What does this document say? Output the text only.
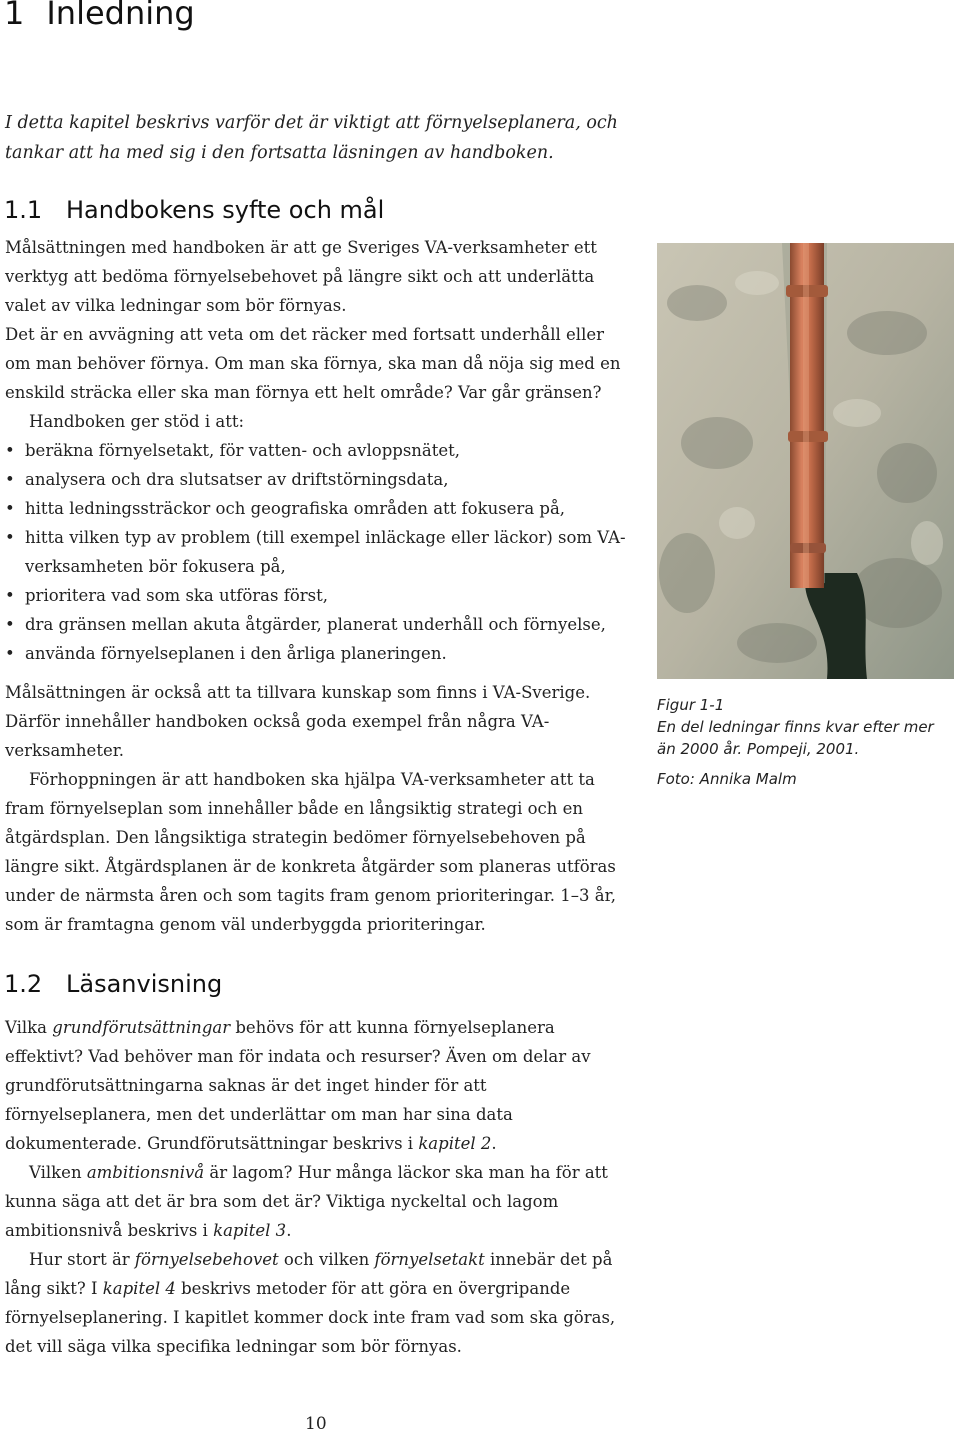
1 Inledning

I detta kapitel beskrivs varför det är viktigt att förnyelseplanera, och tankar att ha med sig i den fortsatta läsningen av handboken.

1.1 Handbokens syfte och mål

Målsättningen med handboken är att ge Sveriges VA-verksamheter ett verktyg att bedöma förnyelsebehovet på längre sikt och att underlätta valet av vilka ledningar som bör förnyas.

Det är en avvägning att veta om det räcker med fortsatt underhåll eller om man behöver förnya. Om man ska förnya, ska man då nöja sig med en enskild sträcka eller ska man förnya ett helt område? Var går gränsen?

Handboken ger stöd i att:

• beräkna förnyelsetakt, för vatten- och avloppsnätet,
• analysera och dra slutsatser av driftstörningsdata,
• hitta ledningssträckor och geografiska områden att fokusera på,
• hitta vilken typ av problem (till exempel inläckage eller läckor) som VA-verksamheten bör fokusera på,
• prioritera vad som ska utföras först,
• dra gränsen mellan akuta åtgärder, planerat underhåll och förnyelse,
• använda förnyelseplanen i den årliga planeringen.

Målsättningen är också att ta tillvara kunskap som finns i VA-Sverige. Därför innehåller handboken också goda exempel från några VA-verksamheter.

Förhoppningen är att handboken ska hjälpa VA-verksamheter att ta fram förnyelseplan som innehåller både en långsiktig strategi och en åtgärdsplan. Den långsiktiga strategin bedömer förnyelsebehoven på längre sikt. Åtgärdsplanen är de konkreta åtgärder som planeras utföras under de närmsta åren och som tagits fram genom prioriteringar. 1–3 år, som är framtagna genom väl underbyggda prioriteringar.

Figur 1-1

En del ledningar finns kvar efter mer än 2000 år. Pompeji, 2001.

Foto: Annika Malm

1.2 Läsanvisning

Vilka grundförutsättningar behövs för att kunna förnyelseplanera effektivt? Vad behöver man för indata och resurser? Även om delar av grundförutsättningarna saknas är det inget hinder för att förnyelseplanera, men det underlättar om man har sina data dokumenterade. Grundförutsättningar beskrivs i kapitel 2.

Vilken ambitionsnivå är lagom? Hur många läckor ska man ha för att kunna säga att det är bra som det är? Viktiga nyckeltal och lagom ambitionsnivå beskrivs i kapitel 3.

Hur stort är förnyelsebehovet och vilken förnyelsetakt innebär det på lång sikt? I kapitel 4 beskrivs metoder för att göra en övergripande förnyelseplanering. I kapitlet kommer dock inte fram vad som ska göras, det vill säga vilka specifika ledningar som bör förnyas.

10
